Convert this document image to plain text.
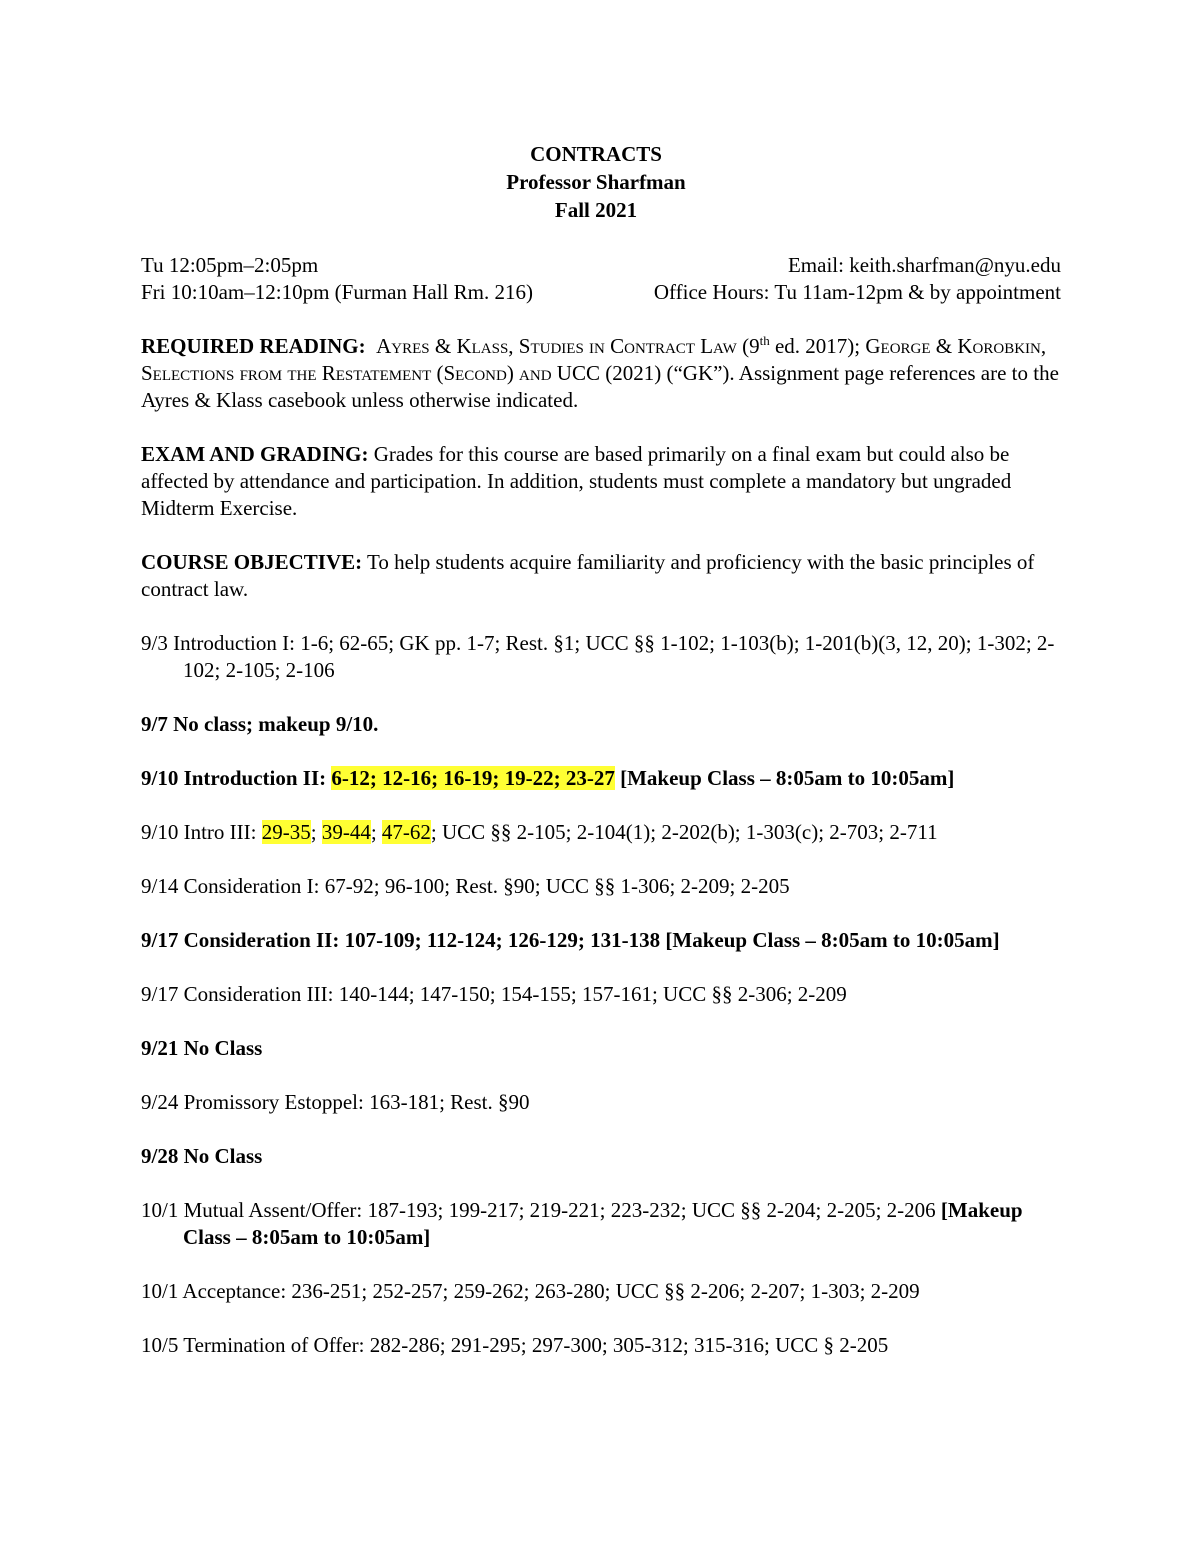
CONTRACTS
Professor Sharfman
Fall 2021
Tu 12:05pm–2:05pm	Email: keith.sharfman@nyu.edu
Fri 10:10am–12:10pm (Furman Hall Rm. 216)	Office Hours: Tu 11am-12pm & by appointment
REQUIRED READING: Ayres & Klass, Studies in Contract Law (9th ed. 2017); George & Korobkin, Selections from the Restatement (Second) and UCC (2021) (“GK”). Assignment page references are to the Ayres & Klass casebook unless otherwise indicated.
EXAM AND GRADING: Grades for this course are based primarily on a final exam but could also be affected by attendance and participation. In addition, students must complete a mandatory but ungraded Midterm Exercise.
COURSE OBJECTIVE: To help students acquire familiarity and proficiency with the basic principles of contract law.
9/3 Introduction I: 1-6; 62-65; GK pp. 1-7; Rest. §1; UCC §§ 1-102; 1-103(b); 1-201(b)(3, 12, 20); 1-302; 2-102; 2-105; 2-106
9/7 No class; makeup 9/10.
9/10 Introduction II: 6-12; 12-16; 16-19; 19-22; 23-27 [Makeup Class – 8:05am to 10:05am]
9/10 Intro III: 29-35; 39-44; 47-62; UCC §§ 2-105; 2-104(1); 2-202(b); 1-303(c); 2-703; 2-711
9/14 Consideration I: 67-92; 96-100; Rest. §90; UCC §§ 1-306; 2-209; 2-205
9/17 Consideration II: 107-109; 112-124; 126-129; 131-138 [Makeup Class – 8:05am to 10:05am]
9/17 Consideration III: 140-144; 147-150; 154-155; 157-161; UCC §§ 2-306; 2-209
9/21 No Class
9/24 Promissory Estoppel: 163-181; Rest. §90
9/28 No Class
10/1 Mutual Assent/Offer: 187-193; 199-217; 219-221; 223-232; UCC §§ 2-204; 2-205; 2-206 [Makeup Class – 8:05am to 10:05am]
10/1 Acceptance: 236-251; 252-257; 259-262; 263-280; UCC §§ 2-206; 2-207; 1-303; 2-209
10/5 Termination of Offer: 282-286; 291-295; 297-300; 305-312; 315-316; UCC § 2-205
